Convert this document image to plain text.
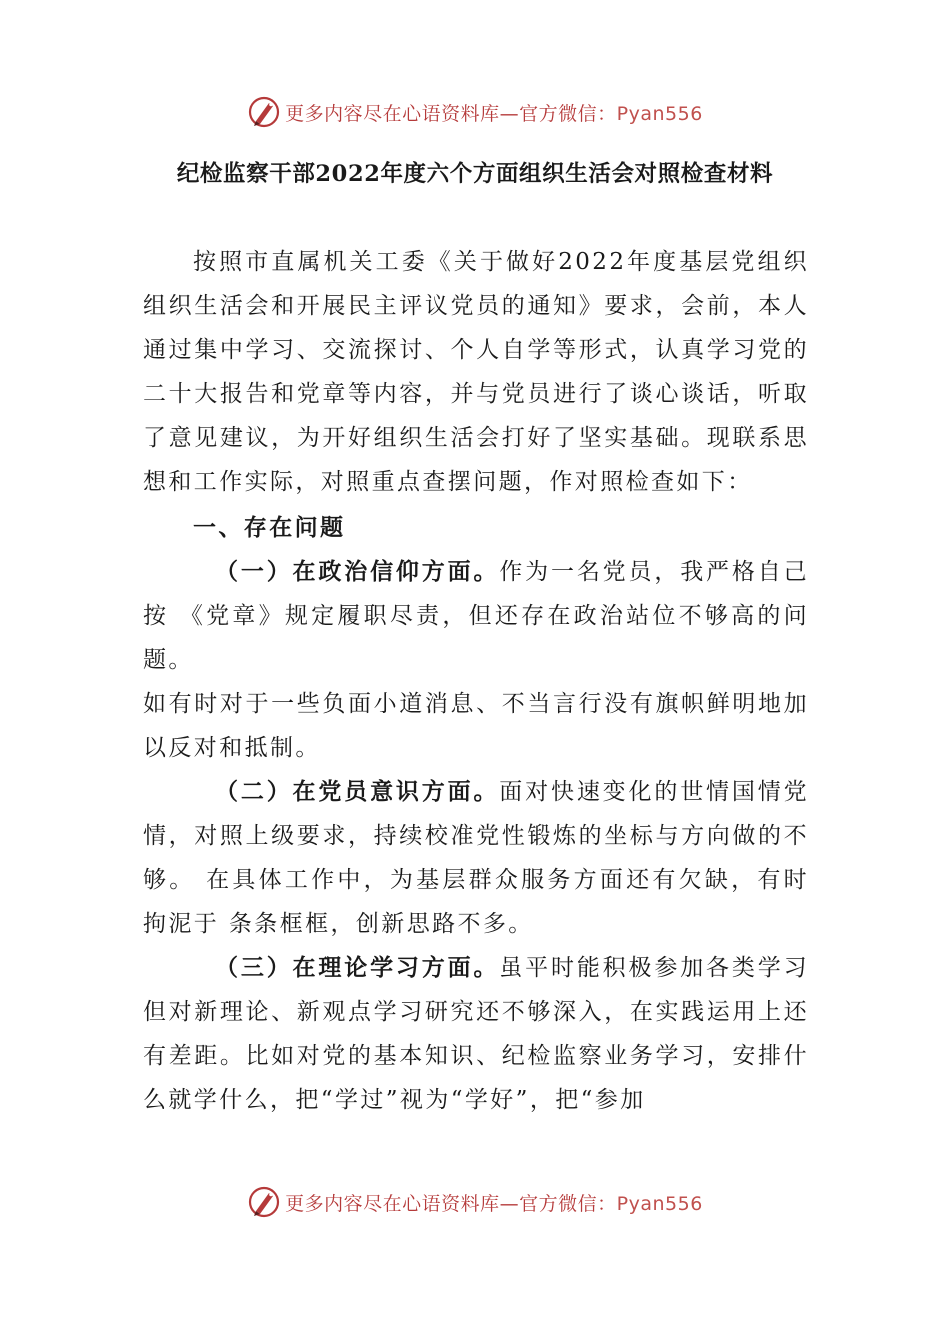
更多内容尽在心语资料库—官方微信：Pyan556
纪检监察干部2022年度六个方面组织生活会对照检查材料

按照市直属机关工委《关于做好2022年度基层党组织组织生活会和开展民主评议党员的通知》要求，会前，本人通过集中学习、交流探讨、个人自学等形式，认真学习党的二十大报告和党章等内容，并与党员进行了谈心谈话，听取了意见建议，为开好组织生活会打好了坚实基础。现联系思想和工作实际，对照重点查摆问题，作对照检查如下：

一、存在问题

（一）在政治信仰方面。作为一名党员，我严格自己按 《党章》规定履职尽责，但还存在政治站位不够高的问题。

如有时对于一些负面小道消息、不当言行没有旗帜鲜明地加以反对和抵制。

（二）在党员意识方面。面对快速变化的世情国情党情，对照上级要求，持续校准党性锻炼的坐标与方向做的不够。 在具体工作中，为基层群众服务方面还有欠缺，有时拘泥于 条条框框，创新思路不多。

（三）在理论学习方面。虽平时能积极参加各类学习 但对新理论、新观点学习研究还不够深入，在实践运用上还 有差距。比如对党的基本知识、纪检监察业务学习，安排什 么就学什么，把“学过”视为“学好”，把“参加

更多内容尽在心语资料库—官方微信：Pyan556
